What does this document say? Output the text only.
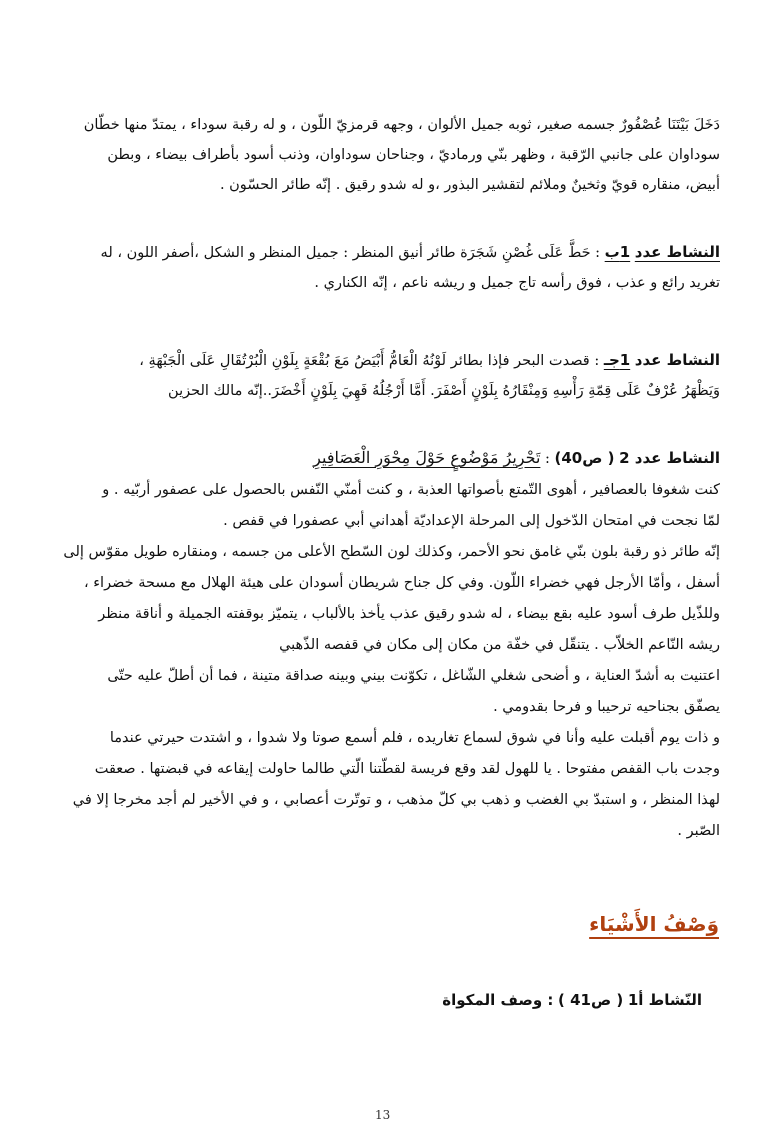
دَخَلَ بَيْتَنَا عُصْفُورٌ جسمه صغير، ثوبه جميل الألوان ، وجهه قرمزيّ اللّون ، و له رقبة سوداء ، يمتدّ منها خطّان
سوداوان على جانبي الرّقبة ، وظهر بنّي ورماديّ ، وجناحان سوداوان، وذنب أسود بأطراف بيضاء ، وبطن
أبيض، منقاره قويّ وثخينٌ وملائم لتقشير البذور ،و له شدو رقيق . إنّه طائر الحسّون .
النشاط عدد 1ب : حَطَّ عَلَى غُصْنِ شَجَرَة طائر أنيق المنظر : جميل المنظر و الشكل ،أصفر اللون ، له
تغريد رائع و عذب ، فوق رأسه تاج جميل و ريشه ناعم ، إنّه الكناري .
النشاط عدد 1جـ : قصدت البحر فإذا بطائر لَوْنُهُ الْعَامُّ أَبْيَضُ مَعَ بُقْعَةٍ بِلَوْنِ الْبُرْتُقَالِ عَلَى الْجَبْهَةِ ،
وَيَظْهَرُ عُرْفٌ عَلَى قِمّةِ رَأْسِهِ وَمِنْقَارُهُ بِلَوْنٍ أَصْفَرَ. أَمَّا أَرْجُلُهُ فَهِيَ بِلَوْنٍ أَخْضَرَ..إنّه مالك الحزين
النشاط عدد 2 ( ص40) : تَحْرِيرُ مَوْضُوعٍ حَوْلَ مِحْوَرِ الْعَصَافِيرِ
كنت شغوفا بالعصافير ، أهوى التّمتع بأصواتها العذبة ، و كنت أمنّي النّفس بالحصول على عصفور أربّيه . و
لمّا نجحت في امتحان الدّخول إلى المرحلة الإعداديّة أهداني أبي عصفورا في قفص .
إنّه طائر ذو رقبة بلون بنّي غامق نحو الأحمر، وكذلك لون السّطح الأعلى من جسمه ، ومنقاره طويل مقوّس إلى
أسفل ، وأمّا الأرجل فهي خضراء اللّون. وفي كل جناح شريطان أسودان على هيئة الهلال مع مسحة خضراء ،
وللذّيل طرف أسود عليه بقع بيضاء ، له شدو رقيق عذب يأخذ بالألباب ، يتميّز بوقفته الجميلة و أناقة منظر
ريشه النّاعم الخلاّب . يتنقّل في خفّة من مكان إلى مكان في قفصه الذّهبي
اعتنيت به أشدّ العناية ، و أضحى شغلي الشّاغل ، تكوّنت بيني وبينه صداقة متينة ، فما أن أطلّ عليه حتّى
يصفّق بجناحيه ترحيبا و فرحا بقدومي .
و ذات يوم أقبلت عليه وأنا في شوق لسماع تغاريده ، فلم أسمع صوتا ولا شدوا ، و اشتدت حيرتي عندما
وجدت باب القفص مفتوحا . يا للهول لقد وقع فريسة لقطّتنا الّتي طالما حاولت إيقاعه في قبضتها . صعقت
لهذا المنظر ، و استبدّ بي الغضب و ذهب بي كلّ مذهب ، و توتّرت أعصابي ، و في الأخير لم أجد مخرجا إلا في
الصّبر .
وَصْفُ الأَشْيَاء
النّشاط أ1 ( ص41 ) : وصف المكواة
13
